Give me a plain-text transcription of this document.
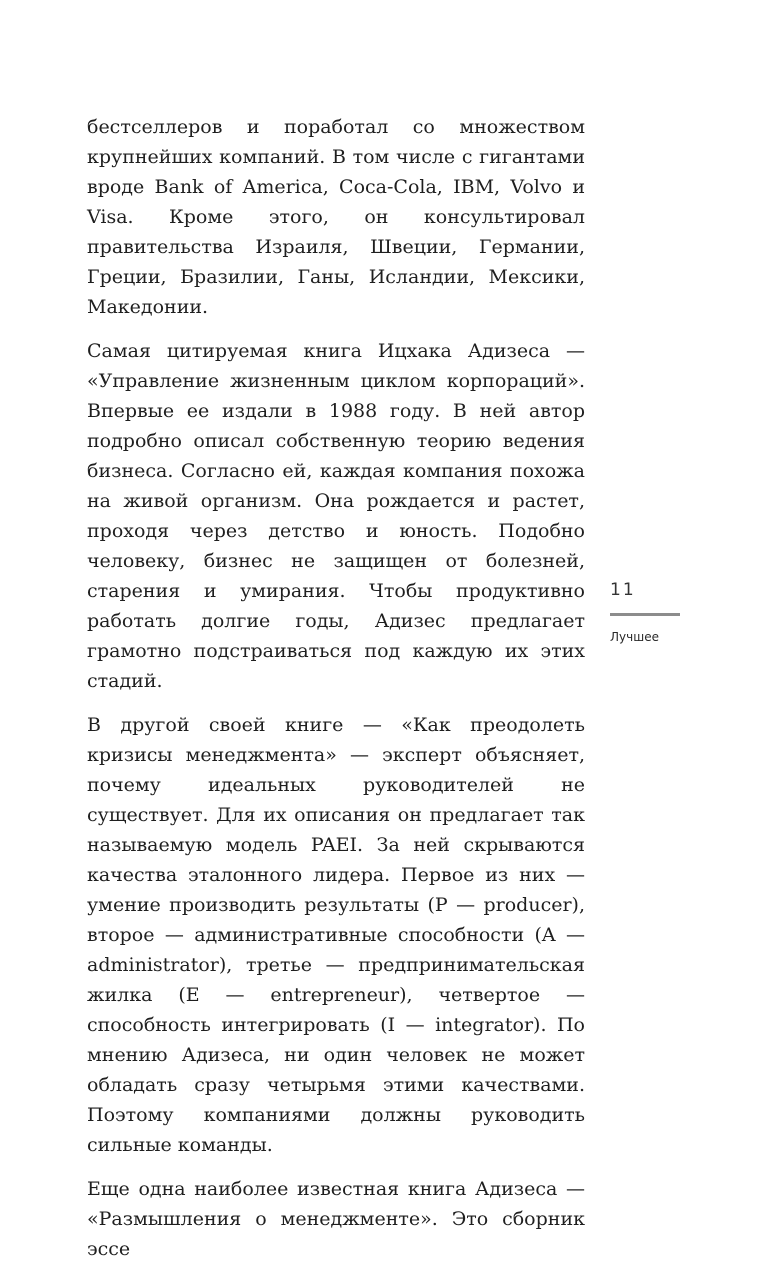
бестселлеров и поработал со множеством крупнейших компаний. В том числе с гигантами вроде Bank of America, Coca-Cola, IBM, Volvo и Visa. Кроме этого, он консультировал правительства Израиля, Швеции, Германии, Греции, Бразилии, Ганы, Исландии, Мексики, Македонии.

Самая цитируемая книга Ицхака Адизеса — «Управление жизненным циклом корпораций». Впервые ее издали в 1988 году. В ней автор подробно описал собственную теорию ведения бизнеса. Согласно ей, каждая компания похожа на живой организм. Она рождается и растет, проходя через детство и юность. Подобно человеку, бизнес не защищен от болезней, старения и умирания. Чтобы продуктивно работать долгие годы, Адизес предлагает грамотно подстраиваться под каждую их этих стадий.

В другой своей книге — «Как преодолеть кризисы менеджмента» — эксперт объясняет, почему идеальных руководителей не существует. Для их описания он предлагает так называемую модель PAEI. За ней скрываются качества эталонного лидера. Первое из них — умение производить результаты (P — producer), второе — административные способности (A — administrator), третье — предпринимательская жилка (E — entrepreneur), четвертое — способность интегрировать (I — integrator). По мнению Адизеса, ни один человек не может обладать сразу четырьмя этими качествами. Поэтому компаниями должны руководить сильные команды.

Еще одна наиболее известная книга Адизеса — «Размышления о менеджменте». Это сборник эссе

11
Лучшее
